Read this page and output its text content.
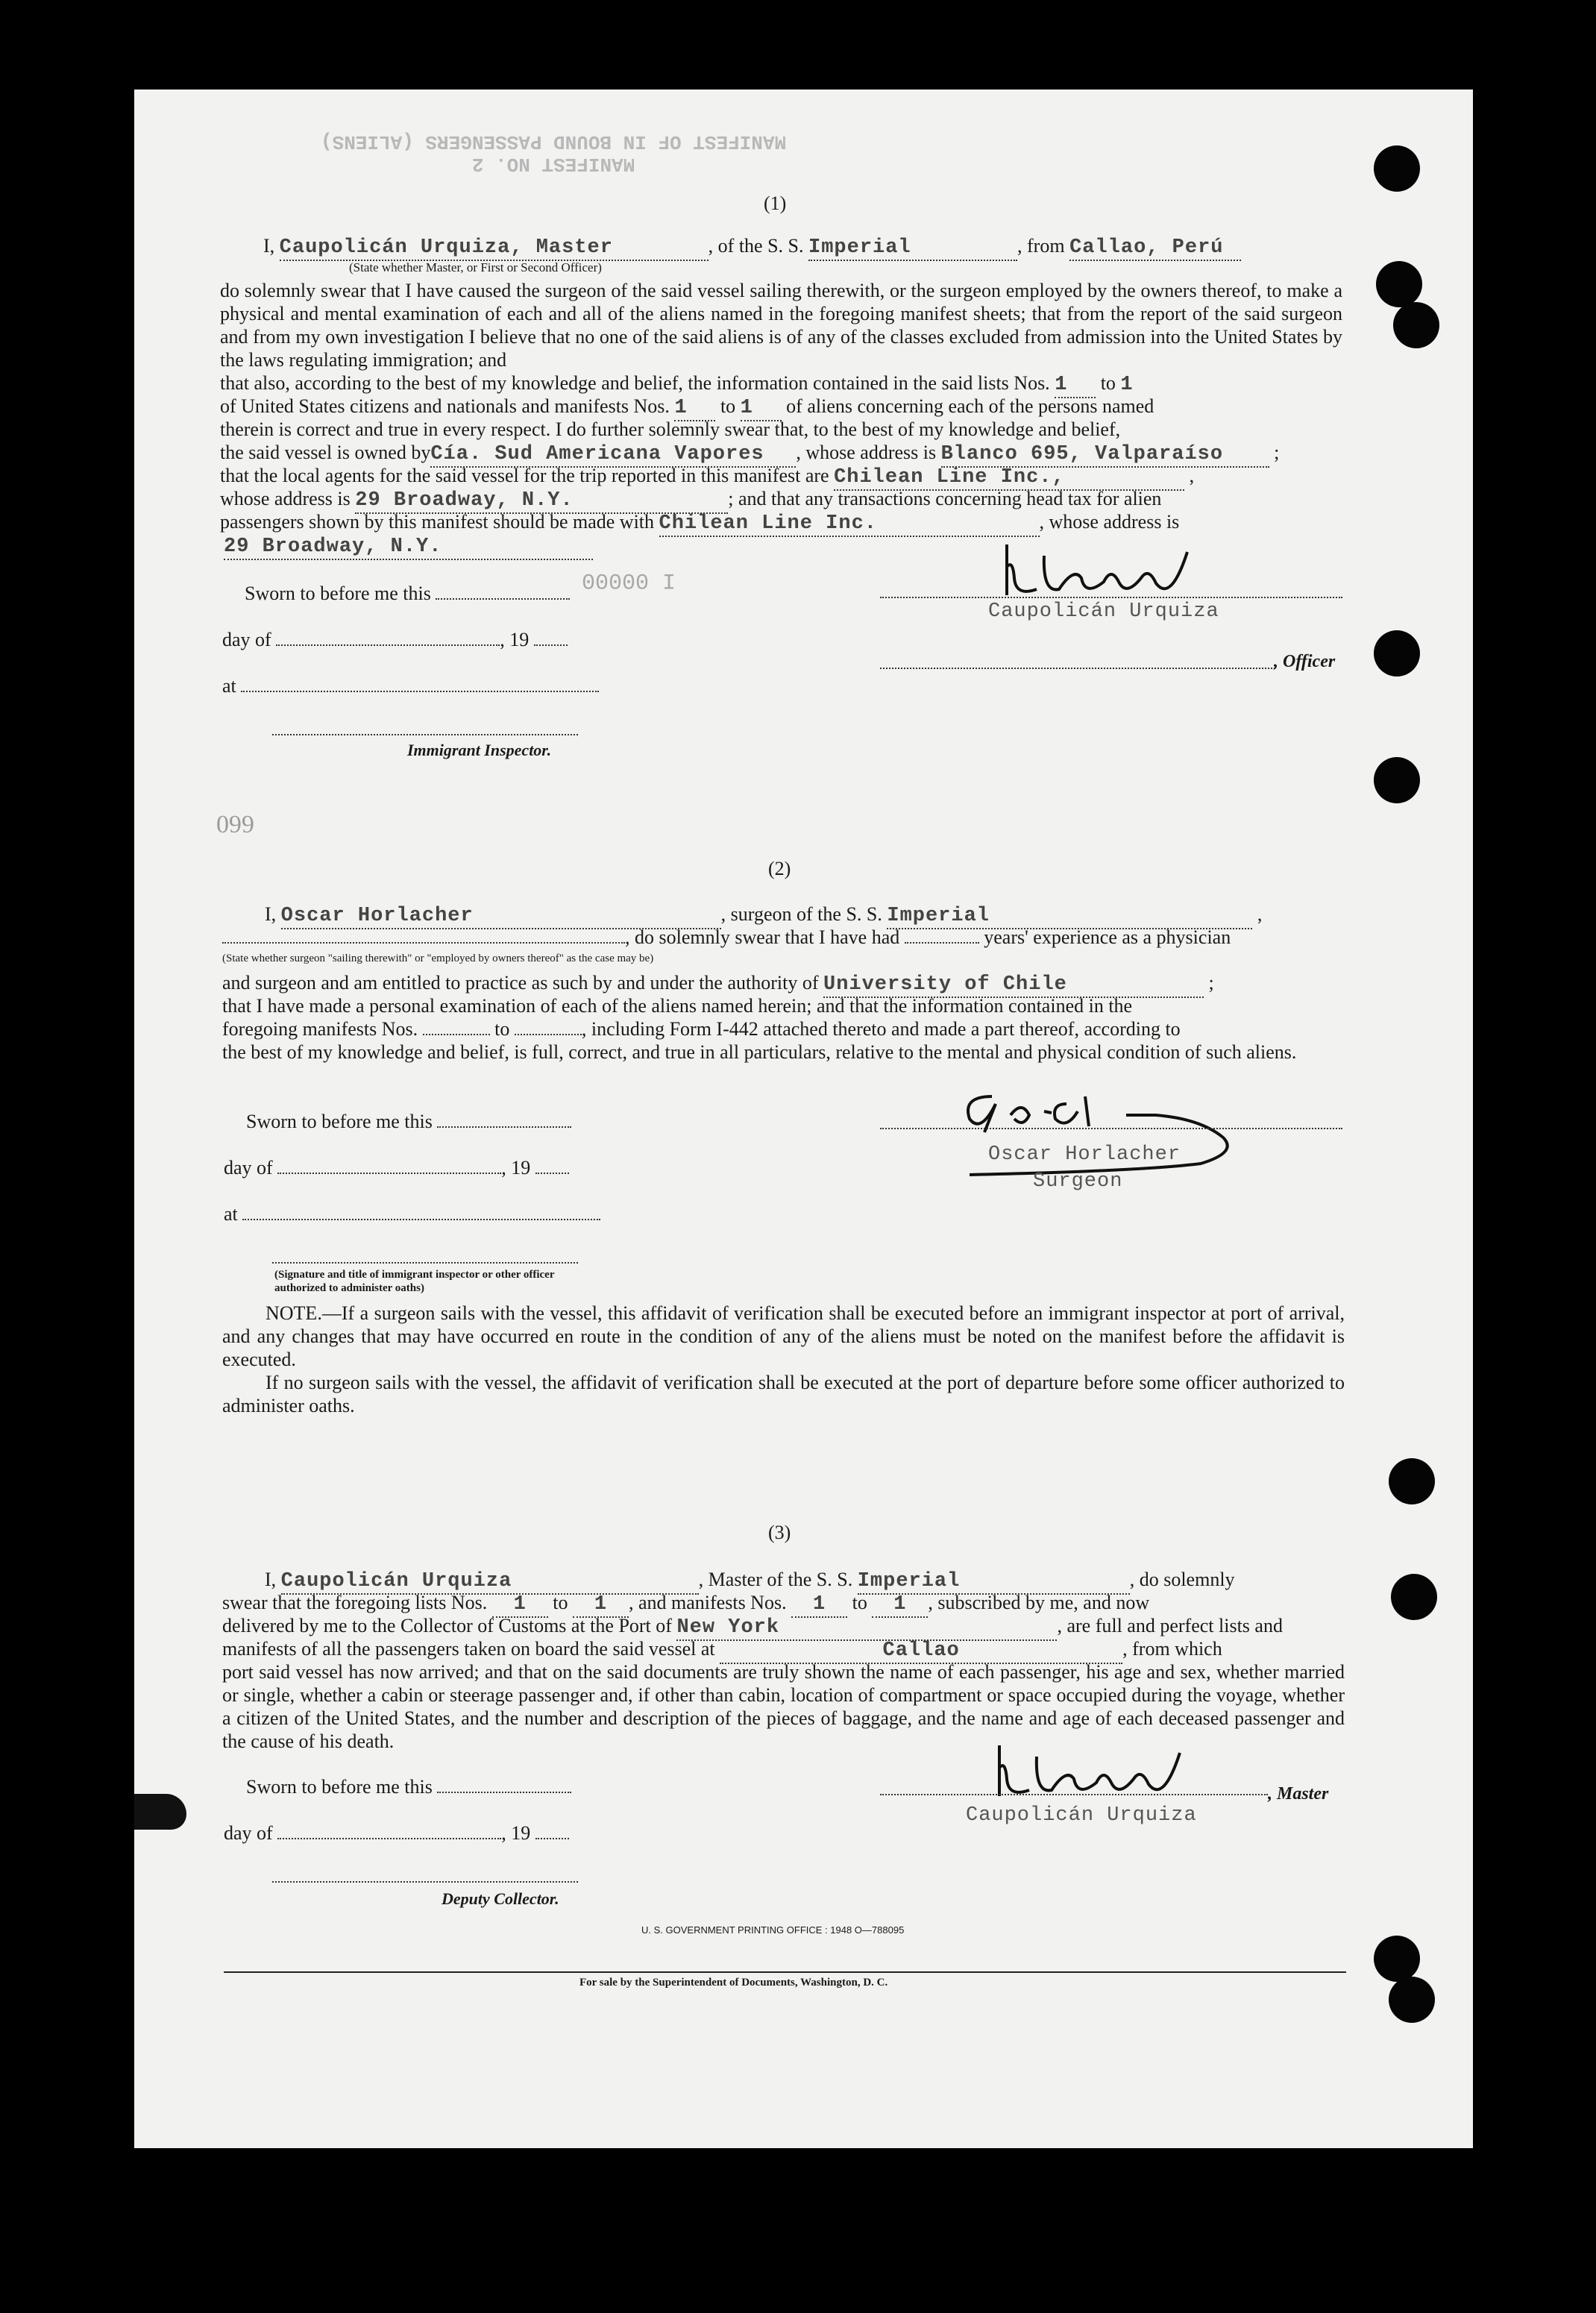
MANIFEST NO. 2
MANIFEST OF IN BOUND PASSENGERS (ALIENS)
(1)
I, Caupolicán Urquiza, Master	, of the S. S. Imperial	, from Callao, Perú
(State whether Master, or First or Second Officer)
do solemnly swear that I have caused the surgeon of the said vessel sailing therewith, or the surgeon employed by the owners thereof, to make a physical and mental examination of each and all of the aliens named in the foregoing manifest sheets; that from the report of the said surgeon and from my own investigation I believe that no one of the said aliens is of any of the classes excluded from admission into the United States by the laws regulating immigration; and
that also, according to the best of my knowledge and belief, the information contained in the said lists Nos. 1 to 1
of United States citizens and nationals and manifests Nos. 1 to 1 of aliens concerning each of the persons named
therein is correct and true in every respect. I do further solemnly swear that, to the best of my knowledge and belief,
the said vessel is owned byCía. Sud Americana Vapores , whose address is Blanco 695, Valparaíso ;
that the local agents for the said vessel for the trip reported in this manifest are Chilean Line Inc.,	,
whose address is 29 Broadway, N.Y.	; and that any transactions concerning head tax for alien
passengers shown by this manifest should be made with Chilean Line Inc.	, whose address is
29 Broadway, N.Y.
Sworn to before me this
day of	, 19
at
Immigrant Inspector.
Caupolicán Urquiza
, Officer
I 00000
660
(2)
I, Oscar Horlacher	, surgeon of the S. S. Imperial	,
, do solemnly swear that I have had	years' experience as a physician
(State whether surgeon "sailing therewith" or "employed by owners thereof" as the case may be)
and surgeon and am entitled to practice as such by and under the authority of University of Chile	;
that I have made a personal examination of each of the aliens named herein; and that the information contained in the
foregoing manifests Nos.	to	, including Form I-442 attached thereto and made a part thereof, according to
the best of my knowledge and belief, is full, correct, and true in all particulars, relative to the mental and physical condition of such aliens.
Sworn to before me this
day of	, 19
at
(Signature and title of immigrant inspector or other officer authorized to administer oaths)
Oscar Horlacher
Surgeon
NOTE.—If a surgeon sails with the vessel, this affidavit of verification shall be executed before an immigrant inspector at port of arrival, and any changes that may have occurred en route in the condition of any of the aliens must be noted on the manifest before the affidavit is executed.
If no surgeon sails with the vessel, the affidavit of verification shall be executed at the port of departure before some officer authorized to administer oaths.
(3)
I, Caupolicán Urquiza	, Master of the S. S. Imperial	, do solemnly
swear that the foregoing lists Nos. 1 to 1 , and manifests Nos. 1 to 1 , subscribed by me, and now
delivered by me to the Collector of Customs at the Port of New York	, are full and perfect lists and
manifests of all the passengers taken on board the said vessel at	Callao	, from which
port said vessel has now arrived; and that on the said documents are truly shown the name of each passenger, his age and sex, whether married or single, whether a cabin or steerage passenger and, if other than cabin, location of compartment or space occupied during the voyage, whether a citizen of the United States, and the number and description of the pieces of baggage, and the name and age of each deceased passenger and the cause of his death.
Sworn to before me this
day of	, 19
Deputy Collector.
, Master
Caupolicán Urquiza
U. S. GOVERNMENT PRINTING OFFICE : 1948 O—788095
For sale by the Superintendent of Documents, Washington, D. C.
